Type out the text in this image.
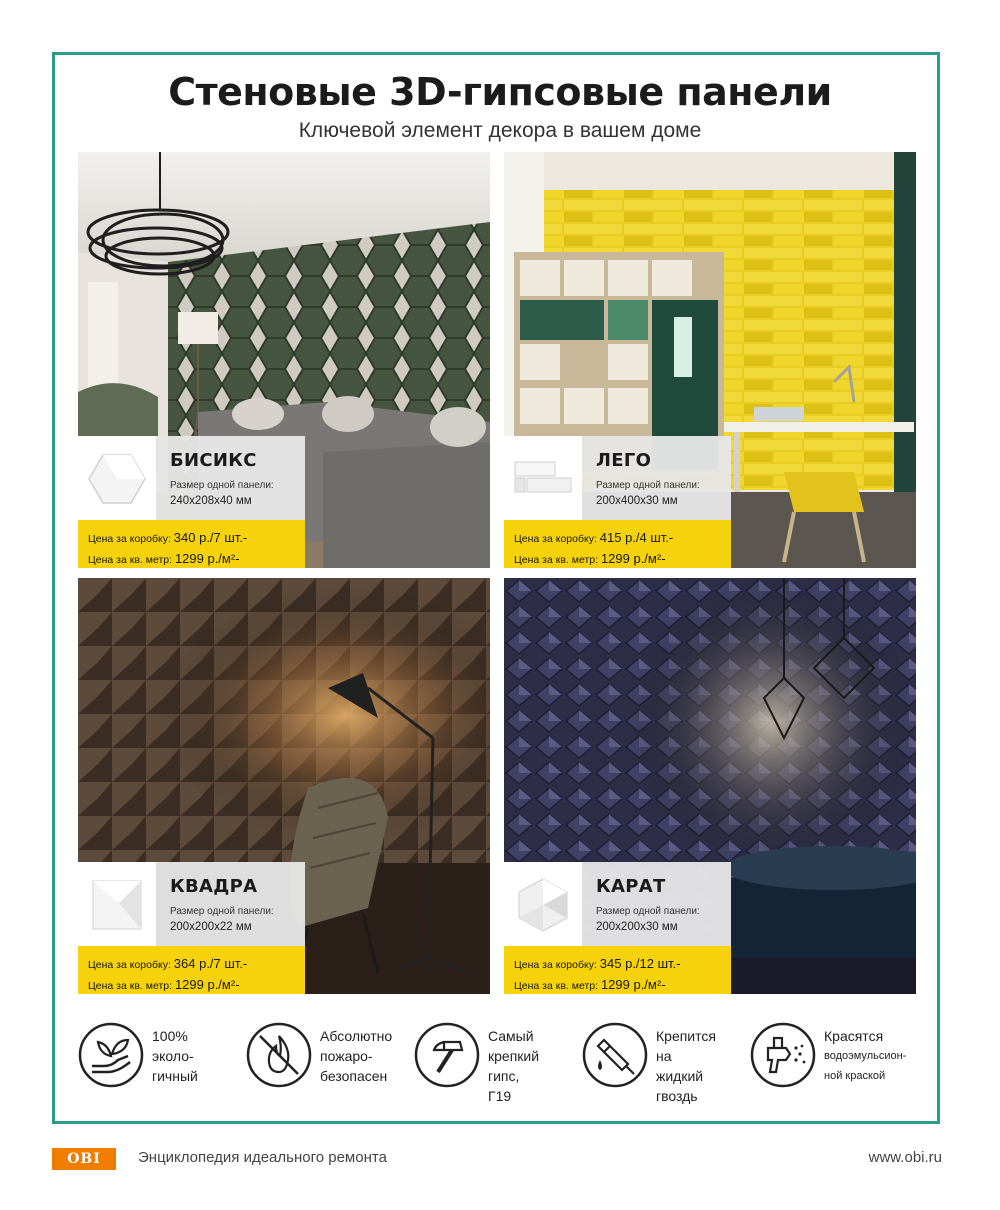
Стеновые 3D-гипсовые панели
Ключевой элемент декора в вашем доме
БИСИКС
Размер одной панели:
240x208x40 мм
Цена за коробку: 340 р./7 шт.-
Цена за кв. метр: 1299 р./м²-
ЛЕГО
Размер одной панели:
200x400x30 мм
Цена за коробку: 415 р./4 шт.-
Цена за кв. метр: 1299 р./м²-
КВАДРА
Размер одной панели:
200x200x22 мм
Цена за коробку: 364 р./7 шт.-
Цена за кв. метр: 1299 р./м²-
КАРАТ
Размер одной панели:
200x200x30 мм
Цена за коробку: 345 р./12 шт.-
Цена за кв. метр: 1299 р./м²-
100%
эколо-
гичный
Абсолютно
пожаро-
безопасен
Самый
крепкий
гипс, Г19
Крепится
на жидкий
гвоздь
Красятся
водоэмульсион-
ной краской
OBI	Энциклопедия идеального ремонта	www.obi.ru
